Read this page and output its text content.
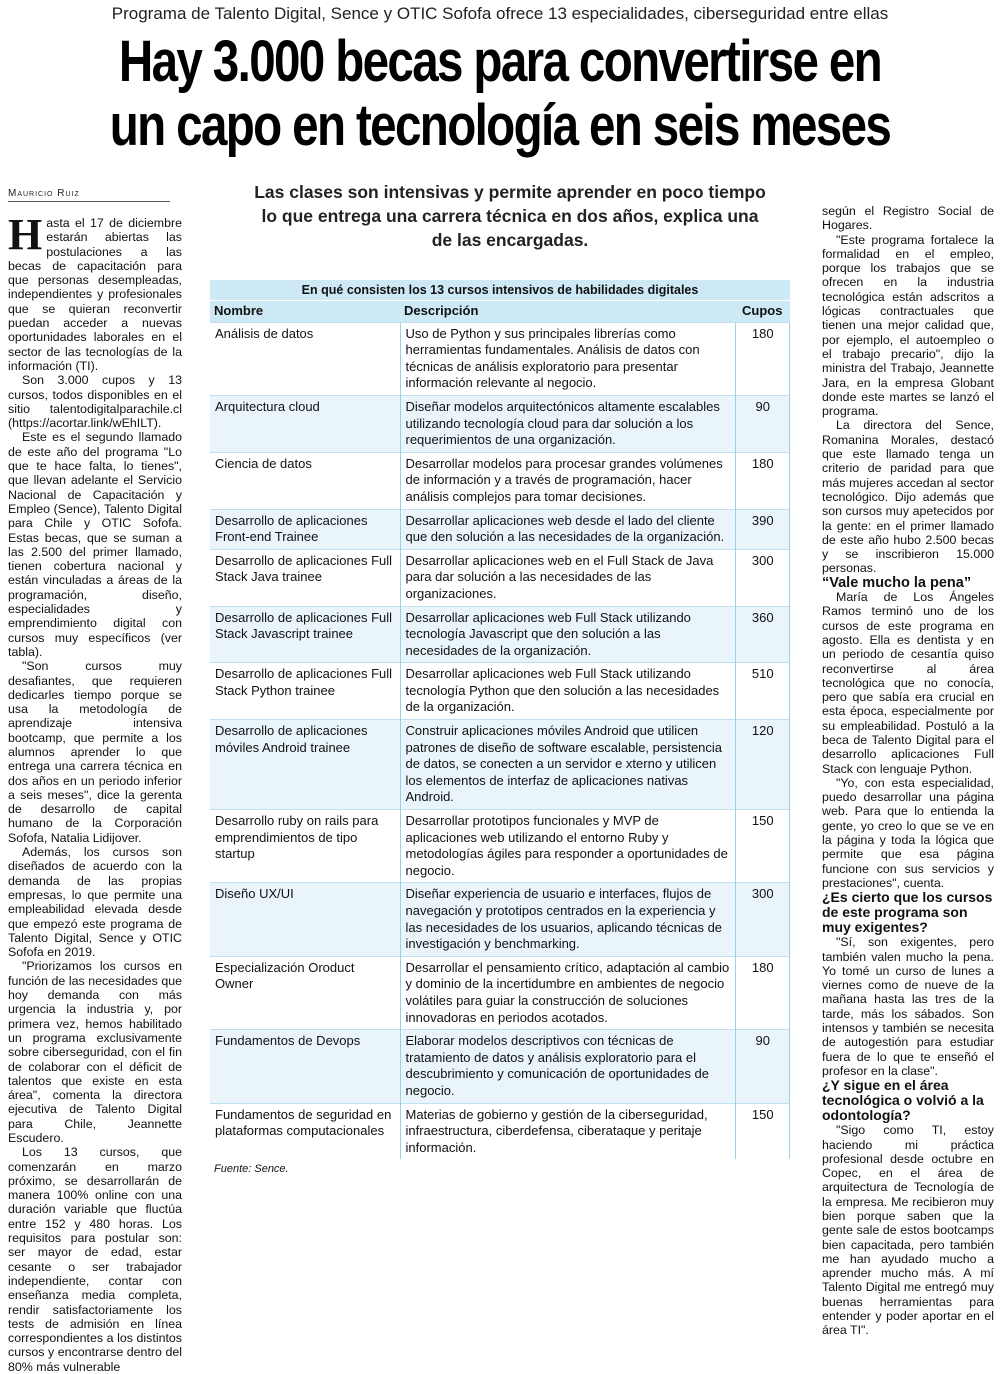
Programa de Talento Digital, Sence y OTIC Sofofa ofrece 13 especialidades, ciberseguridad entre ellas
Hay 3.000 becas para convertirse en
un capo en tecnología en seis meses
Mauricio Ruiz	Las clases son intensivas y permite aprender en poco tiempo lo que entrega una carrera técnica en dos años, explica una de las encargadas.

Hasta el 17 de diciembre estarán abiertas las postulaciones a las becas de capacitación para que personas desempleadas, independientes y profesionales que se quieran reconvertir puedan acceder a nuevas oportunidades laborales en el sector de las tecnologías de la información (TI).

Son 3.000 cupos y 13 cursos, todos disponibles en el sitio talentodigitalparachile.cl (https://acortar.link/wEhILT).

Este es el segundo llamado de este año del programa "Lo que te hace falta, lo tienes", que llevan adelante el Servicio Nacional de Capacitación y Empleo (Sence), Talento Digital para Chile y OTIC Sofofa. Estas becas, que se suman a las 2.500 del primer llamado, tienen cobertura nacional y están vinculadas a áreas de la programación, diseño, especialidades y emprendimiento digital con cursos muy específicos (ver tabla).

"Son cursos muy desafiantes, que requieren dedicarles tiempo porque se usa la metodología de aprendizaje intensiva bootcamp, que permite a los alumnos aprender lo que entrega una carrera técnica en dos años en un periodo inferior a seis meses", dice la gerenta de desarrollo de capital humano de la Corporación Sofofa, Natalia Lidijover.

Además, los cursos son diseñados de acuerdo con la demanda de las propias empresas, lo que permite una empleabilidad elevada desde que empezó este programa de Talento Digital, Sence y OTIC Sofofa en 2019.

"Priorizamos los cursos en función de las necesidades que hoy demanda con más urgencia la industria y, por primera vez, hemos habilitado un programa exclusivamente sobre ciberseguridad, con el fin de colaborar con el déficit de talentos que existe en esta área", comenta la directora ejecutiva de Talento Digital para Chile, Jeannette Escudero.

Los 13 cursos, que comenzarán en marzo próximo, se desarrollarán de manera 100% online con una duración variable que fluctúa entre 152 y 480 horas. Los requisitos para postular son: ser mayor de edad, estar cesante o ser trabajador independiente, contar con enseñanza media completa, rendir satisfactoriamente los tests de admisión en línea correspondientes a los distintos cursos y encontrarse dentro del 80% más vulnerable

En qué consisten los 13 cursos intensivos de habilidades digitales
Nombre	Descripción	Cupos
Análisis de datos	Uso de Python y sus principales librerías como herramientas fundamentales. Análisis de datos con técnicas de análisis exploratorio para presentar información relevante al negocio.	180
Arquitectura cloud	Diseñar modelos arquitectónicos altamente escalables utilizando tecnología cloud para dar solución a los requerimientos de una organización.	90
Ciencia de datos	Desarrollar modelos para procesar grandes volúmenes de información y a través de programación, hacer análisis complejos para tomar decisiones.	180
Desarrollo de aplicaciones Front-end Trainee	Desarrollar aplicaciones web desde el lado del cliente que den solución a las necesidades de la organización.	390
Desarrollo de aplicaciones Full Stack Java trainee	Desarrollar aplicaciones web en el Full Stack de Java para dar solución a las necesidades de las organizaciones.	300
Desarrollo de aplicaciones Full Stack Javascript trainee	Desarrollar aplicaciones web Full Stack utilizando tecnología Javascript que den solución a las necesidades de la organización.	360
Desarrollo de aplicaciones Full Stack Python trainee	Desarrollar aplicaciones web Full Stack utilizando tecnología Python que den solución a las necesidades de la organización.	510
Desarrollo de aplicaciones móviles Android trainee	Construir aplicaciones móviles Android que utilicen patrones de diseño de software escalable, persistencia de datos, se conecten a un servidor e xterno y utilicen los elementos de interfaz de aplicaciones nativas Android.	120
Desarrollo ruby on rails para emprendimientos de tipo startup	Desarrollar prototipos funcionales y MVP de aplicaciones web utilizando el entorno Ruby y metodologías ágiles para responder a oportunidades de negocio.	150
Diseño UX/UI	Diseñar experiencia de usuario e interfaces, flujos de navegación y prototipos centrados en la experiencia y las necesidades de los usuarios, aplicando técnicas de investigación y benchmarking.	300
Especialización Oroduct Owner	Desarrollar el pensamiento crítico, adaptación al cambio y dominio de la incertidumbre en ambientes de negocio volátiles para guiar la construcción de soluciones innovadoras en periodos acotados.	180
Fundamentos de Devops	Elaborar modelos descriptivos con técnicas de tratamiento de datos y análisis exploratorio para el descubrimiento y comunicación de oportunidades de negocio.	90
Fundamentos de seguridad en plataformas computacionales	Materias de gobierno y gestión de la ciberseguridad, infraestructura, ciberdefensa, ciberataque y peritaje información.	150
Fuente: Sence.

según el Registro Social de Hogares.

"Este programa fortalece la formalidad en el empleo, porque los trabajos que se ofrecen en la industria tecnológica están adscritos a lógicas contractuales que tienen una mejor calidad que, por ejemplo, el autoempleo o el trabajo precario", dijo la ministra del Trabajo, Jeannette Jara, en la empresa Globant donde este martes se lanzó el programa.

La directora del Sence, Romanina Morales, destacó que este llamado tenga un criterio de paridad para que más mujeres accedan al sector tecnológico. Dijo además que son cursos muy apetecidos por la gente: en el primer llamado de este año hubo 2.500 becas y se inscribieron 15.000 personas.

“Vale mucho la pena”

María de Los Ángeles Ramos terminó uno de los cursos de este programa en agosto. Ella es dentista y en un periodo de cesantía quiso reconvertirse al área tecnológica que no conocía, pero que sabía era crucial en esta época, especialmente por su empleabilidad. Postuló a la beca de Talento Digital para el desarrollo aplicaciones Full Stack con lenguaje Python.

"Yo, con esta especialidad, puedo desarrollar una página web. Para que lo entienda la gente, yo creo lo que se ve en la página y toda la lógica que permite que esa página funcione con sus servicios y prestaciones", cuenta.

¿Es cierto que los cursos de este programa son muy exigentes?

"Sí, son exigentes, pero también valen mucho la pena. Yo tomé un curso de lunes a viernes como de nueve de la mañana hasta las tres de la tarde, más los sábados. Son intensos y también se necesita de autogestión para estudiar fuera de lo que te enseñó el profesor en la clase".

¿Y sigue en el área tecnológica o volvió a la odontología?

"Sigo como TI, estoy haciendo mi práctica profesional desde octubre en Copec, en el área de arquitectura de Tecnología de la empresa. Me recibieron muy bien porque saben que la gente sale de estos bootcamps bien capacitada, pero también me han ayudado mucho a aprender mucho más. A mí Talento Digital me entregó muy buenas herramientas para entender y poder aportar en el área TI".
